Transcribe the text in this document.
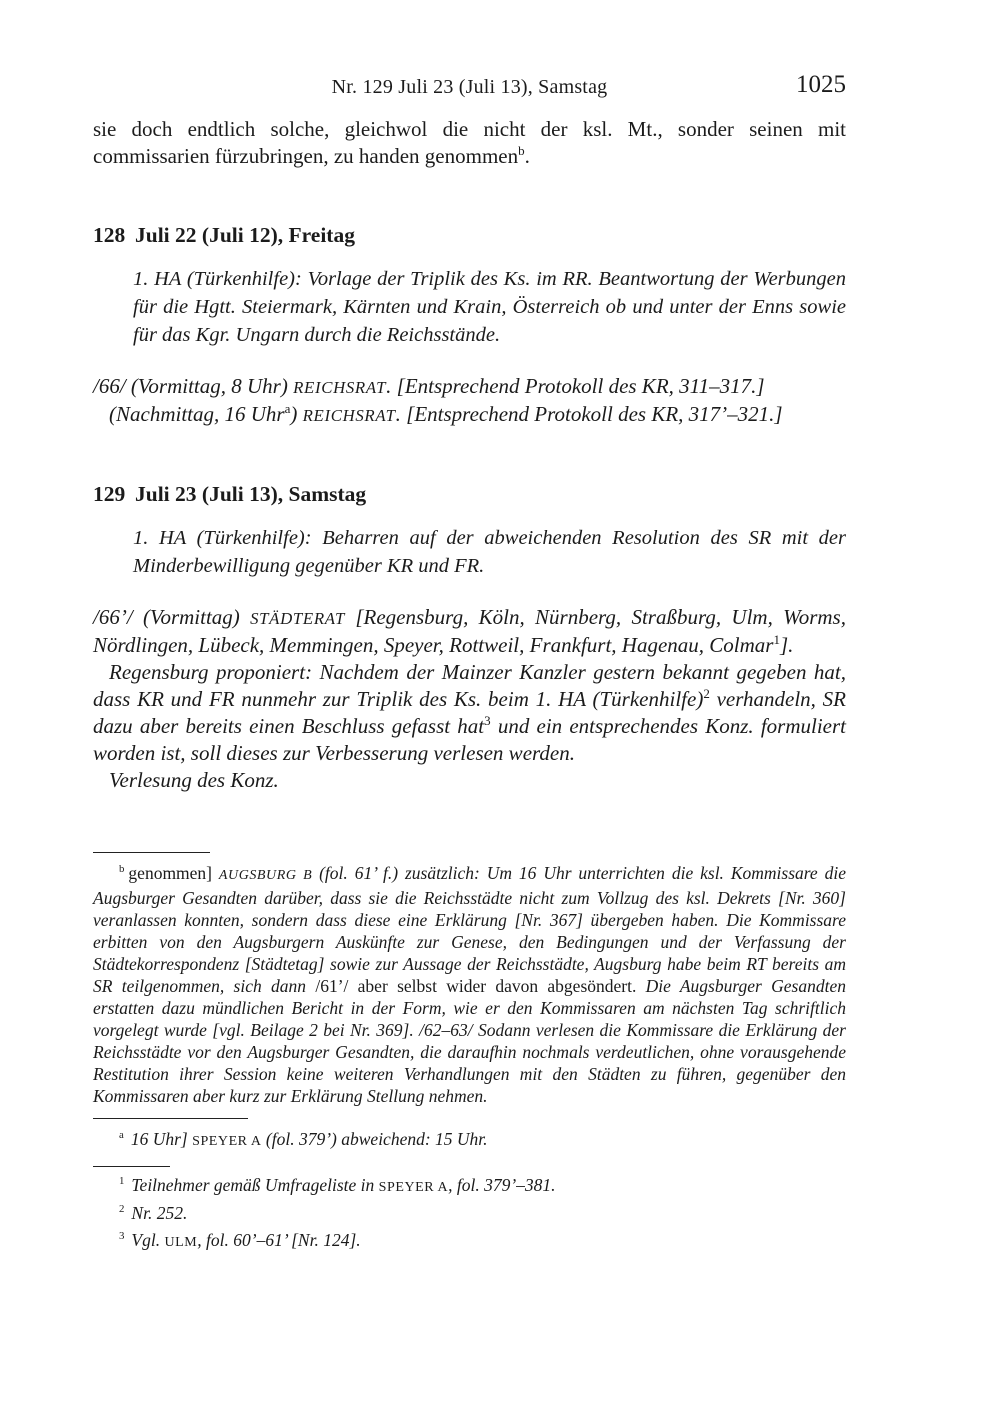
Nr. 129 Juli 23 (Juli 13), Samstag	1025

sie doch endtlich solche, gleichwol die nicht der ksl. Mt., sonder seinen mit commissarien fürzubringen, zu handen genommen$^b$.

128 Juli 22 (Juli 12), Freitag

1. HA (Türkenhilfe): Vorlage der Triplik des Ks. im RR. Beantwortung der Werbungen für die Hgtt. Steiermark, Kärnten und Krain, Österreich ob und unter der Enns sowie für das Kgr. Ungarn durch die Reichsstände.

/66/ (Vormittag, 8 Uhr) REICHSRAT. [Entsprechend Protokoll des KR, 311–317.]

(Nachmittag, 16 Uhr$^a$) REICHSRAT. [Entsprechend Protokoll des KR, 317’–321.]

129 Juli 23 (Juli 13), Samstag

1. HA (Türkenhilfe): Beharren auf der abweichenden Resolution des SR mit der Minderbewilligung gegenüber KR und FR.

/66’/ (Vormittag) STÄDTERAT [Regensburg, Köln, Nürnberg, Straßburg, Ulm, Worms, Nördlingen, Lübeck, Memmingen, Speyer, Rottweil, Frankfurt, Hagenau, Colmar$^1$].

Regensburg proponiert: Nachdem der Mainzer Kanzler gestern bekannt gegeben hat, dass KR und FR nunmehr zur Triplik des Ks. beim 1. HA (Türkenhilfe)$^2$ verhandeln, SR dazu aber bereits einen Beschluss gefasst hat$^3$ und ein entsprechendes Konz. formuliert worden ist, soll dieses zur Verbesserung verlesen werden.

Verlesung des Konz.

$^b$ genommen] AUGSBURG B (fol. 61’ f.) zusätzlich: Um 16 Uhr unterrichten die ksl. Kommissare die Augsburger Gesandten darüber, dass sie die Reichsstädte nicht zum Vollzug des ksl. Dekrets [Nr. 360] veranlassen konnten, sondern dass diese eine Erklärung [Nr. 367] übergeben haben. Die Kommissare erbitten von den Augsburgern Auskünfte zur Genese, den Bedingungen und der Verfassung der Städtekorrespondenz [Städtetag] sowie zur Aussage der Reichsstädte, Augsburg habe beim RT bereits am SR teilgenommen, sich dann /61’/ aber selbst wider davon abgesöndert. Die Augsburger Gesandten erstatten dazu mündlichen Bericht in der Form, wie er den Kommissaren am nächsten Tag schriftlich vorgelegt wurde [vgl. Beilage 2 bei Nr. 369]. /62–63/ Sodann verlesen die Kommissare die Erklärung der Reichsstädte vor den Augsburger Gesandten, die daraufhin nochmals verdeutlichen, ohne vorausgehende Restitution ihrer Session keine weiteren Verhandlungen mit den Städten zu führen, gegenüber den Kommissaren aber kurz zur Erklärung Stellung nehmen.

$^a$ 16 Uhr] SPEYER A (fol. 379’) abweichend: 15 Uhr.

$^1$ Teilnehmer gemäß Umfrageliste in SPEYER A, fol. 379’–381.

$^2$ Nr. 252.

$^3$ Vgl. ULM, fol. 60’–61’ [Nr. 124].
